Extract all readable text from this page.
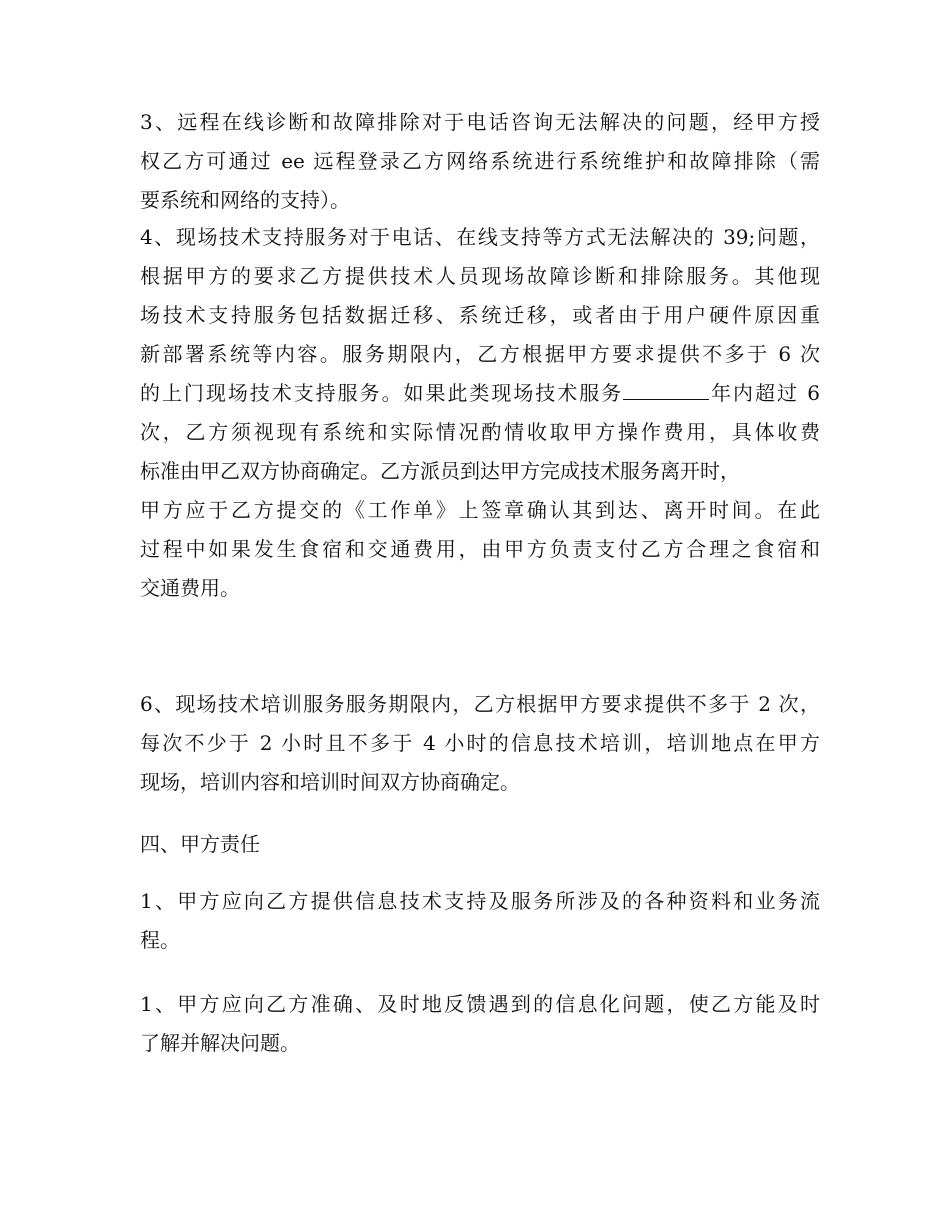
3、远程在线诊断和故障排除对于电话咨询无法解决的问题，经甲方授
权乙方可通过 ee 远程登录乙方网络系统进行系统维护和故障排除（需
要系统和网络的支持）。
4、现场技术支持服务对于电话、在线支持等方式无法解决的 39;问题，
根据甲方的要求乙方提供技术人员现场故障诊断和排除服务。其他现
场技术支持服务包括数据迁移、系统迁移，或者由于用户硬件原因重
新部署系统等内容。服务期限内，乙方根据甲方要求提供不多于 6 次
的上门现场技术支持服务。如果此类现场技术服务	年内超过 6
次，乙方须视现有系统和实际情况酌情收取甲方操作费用，具体收费
标准由甲乙双方协商确定。乙方派员到达甲方完成技术服务离开时，
甲方应于乙方提交的《工作单》上签章确认其到达、离开时间。在此
过程中如果发生食宿和交通费用，由甲方负责支付乙方合理之食宿和
交通费用。
6、现场技术培训服务服务期限内，乙方根据甲方要求提供不多于 2 次，
每次不少于 2 小时且不多于 4 小时的信息技术培训，培训地点在甲方
现场，培训内容和培训时间双方协商确定。
四、甲方责任
1、甲方应向乙方提供信息技术支持及服务所涉及的各种资料和业务流
程。
1、甲方应向乙方准确、及时地反馈遇到的信息化问题，使乙方能及时
了解并解决问题。
